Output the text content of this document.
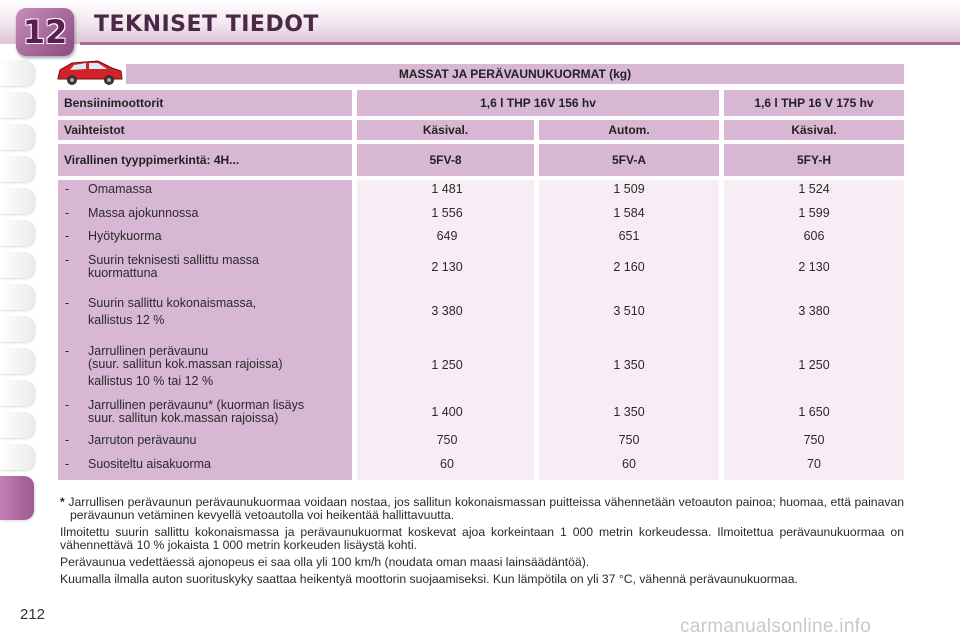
12	TEKNISET TIEDOT
MASSAT JA PERÄVAUNUKUORMAT (kg)
Bensiinimoottorit	1,6 l THP 16V 156 hv	1,6 l THP 16 V 175 hv
Vaihteistot	Käsival.	Autom.	Käsival.
Virallinen tyyppimerkintä: 4H...	5FV-8	5FV-A	5FY-H
- Omamassa	1 481	1 509	1 524
- Massa ajokunnossa	1 556	1 584	1 599
- Hyötykuorma	649	651	606
- Suurin teknisesti sallittu massa
kuormattuna	2 130	2 160	2 130
- Suurin sallittu kokonaismassa,
kallistus 12 %
3 380	3 510	3 380
- Jarrullinen perävaunu
(suur. sallitun kok.massan rajoissa)
kallistus 10 % tai 12 %
1 250	1 350	1 250
- Jarrullinen perävaunu* (kuorman lisäys
suur. sallitun kok.massan rajoissa)	1 400	1 350	1 650
- Jarruton perävaunu	750	750	750
- Suositeltu aisakuorma	60	60	70

* Jarrullisen perävaunun perävaunukuormaa voidaan nostaa, jos sallitun kokonaismassan puitteissa vähennetään vetoauton painoa; huomaa, että painavan perävaunun vetäminen kevyellä vetoautolla voi heikentää hallittavuutta.

Ilmoitettu suurin sallittu kokonaismassa ja perävaunukuormat koskevat ajoa korkeintaan 1 000 metrin korkeudessa. Ilmoitettua perävaunukuormaa on vähennettävä 10 % jokaista 1 000 metrin korkeuden lisäystä kohti.

Perävaunua vedettäessä ajonopeus ei saa olla yli 100 km/h (noudata oman maasi lainsäädäntöä).

Kuumalla ilmalla auton suorituskyky saattaa heikentyä moottorin suojaamiseksi. Kun lämpötila on yli 37 °C, vähennä perävaunukuormaa.

212
carmanualsonline.info
